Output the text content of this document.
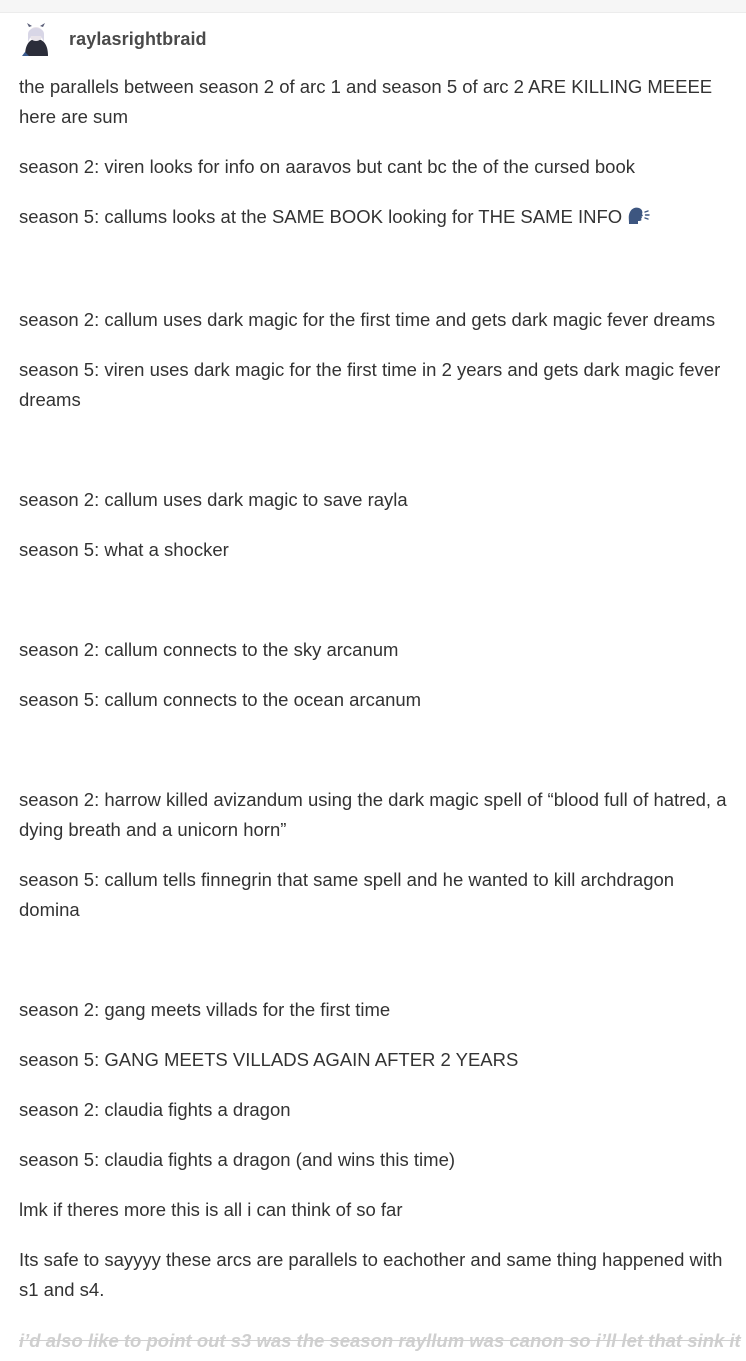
raylasrightbraid

the parallels between season 2 of arc 1 and season 5 of arc 2 ARE KILLING MEEEE here are sum

season 2: viren looks for info on aaravos but cant bc the of the cursed book

season 5: callums looks at the SAME BOOK looking for THE SAME INFO

season 2: callum uses dark magic for the first time and gets dark magic fever dreams

season 5: viren uses dark magic for the first time in 2 years and gets dark magic fever dreams

season 2: callum uses dark magic to save rayla

season 5: what a shocker

season 2: callum connects to the sky arcanum

season 5: callum connects to the ocean arcanum

season 2: harrow killed avizandum using the dark magic spell of “blood full of hatred, a dying breath and a unicorn horn”

season 5: callum tells finnegrin that same spell and he wanted to kill archdragon domina

season 2: gang meets villads for the first time

season 5: GANG MEETS VILLADS AGAIN AFTER 2 YEARS

season 2: claudia fights a dragon

season 5: claudia fights a dragon (and wins this time)

lmk if theres more this is all i can think of so far

Its safe to sayyyy these arcs are parallels to eachother and same thing happened with s1 and s4.

i’d also like to point out s3 was the season rayllum was canon so i’ll let that sink it
